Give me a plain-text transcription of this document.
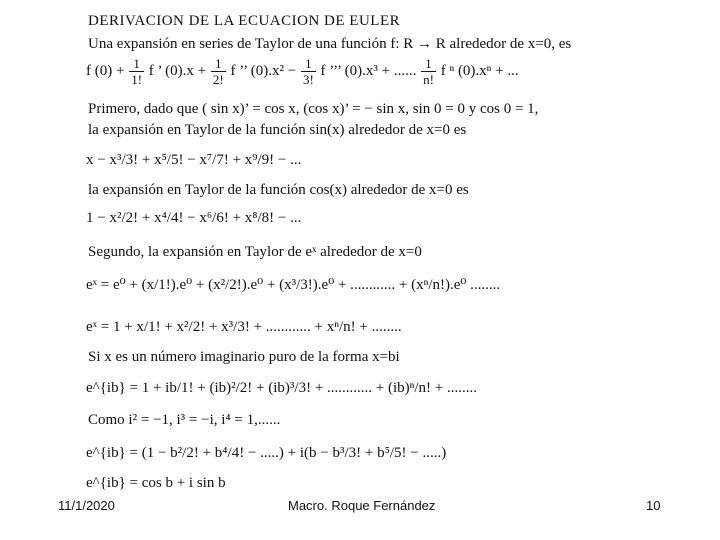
DERIVACION DE LA ECUACION DE EULER
Una expansión en series de Taylor de una función f: R → R alrededor de x=0, es
f $(0) + \frac{1}{1!}$ f ’ $(0).x + \frac{1}{2!}$ f ’’ $(0).x^2 - \frac{1}{3!}$ f ’’’ (0).x³ + ...... $\frac{1}{n!}$ f ⁿ (0).xⁿ + ...
Primero, dado que ( sin x)’ = cos x, (cos x)’ = − sin x, sin 0 = 0 y cos 0 = 1,
la expansión en Taylor de la función sin(x) alrededor de x=0 es
x − x³/3! + x⁵/5! − x⁷/7! + x⁹/9! − ...
la expansión en Taylor de la función cos(x) alrededor de x=0 es
1 − x²/2! + x⁴/4! − x⁶/6! + x⁸/8! − ...
Segundo, la expansión en Taylor de eˣ alrededor de x=0
eˣ = e⁰ + (x/1!).e⁰ + (x²/2!).e⁰ + (x³/3!).e⁰ + ............ + (xⁿ/n!).e⁰ ........
eˣ = 1 + x/1! + x²/2! + x³/3! + ............ + xⁿ/n! + ........
Si x es un número imaginario puro de la forma x=bi
e^{ib} = 1 + ib/1! + (ib)²/2! + (ib)³/3! + ............ + (ib)ⁿ/n! + ........
Como i² = −1, i³ = −i, i⁴ = 1,......
e^{ib} = (1 − b²/2! + b⁴/4! − .....) + i(b − b³/3! + b⁵/5! − .....)
e^{ib} = cos b + i sin b
11/1/2020	Macro. Roque Fernández	10
